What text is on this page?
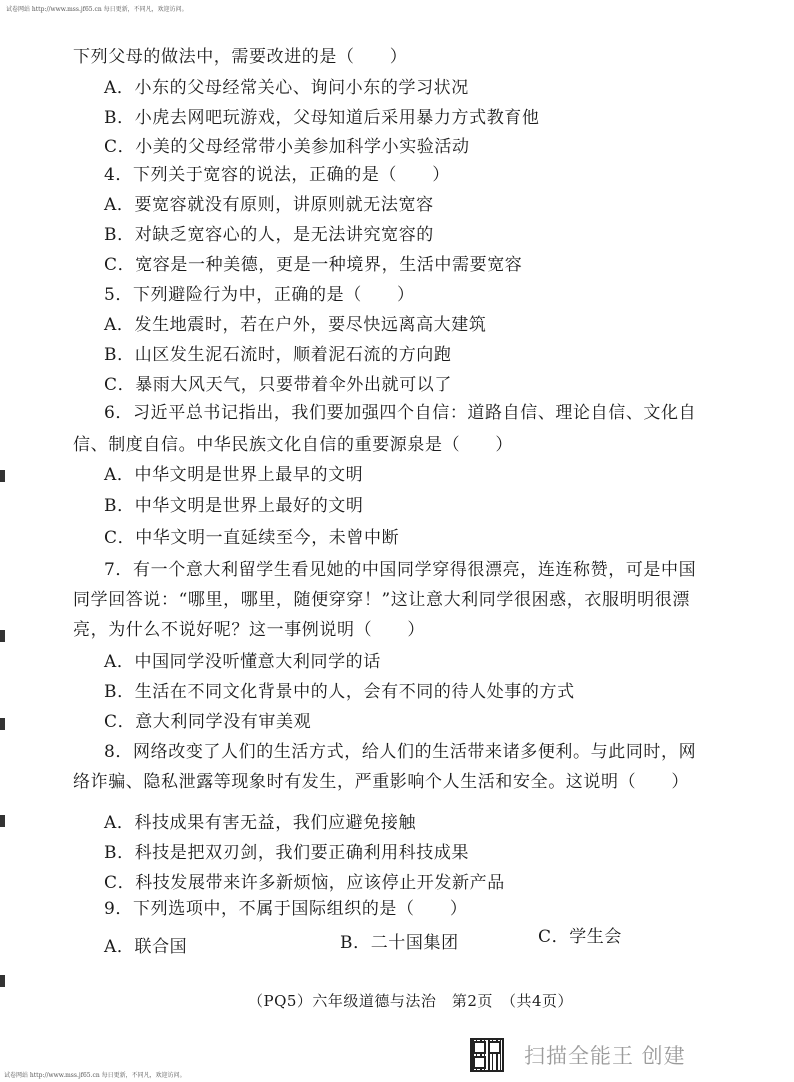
试卷网站 http://www.mss.jf65.cn 每日更新，不同凡，欢迎访问。
下列父母的做法中，需要改进的是（　　）
A．小东的父母经常关心、询问小东的学习状况
B．小虎去网吧玩游戏，父母知道后采用暴力方式教育他
C．小美的父母经常带小美参加科学小实验活动
4．下列关于宽容的说法，正确的是（　　）
A．要宽容就没有原则，讲原则就无法宽容
B．对缺乏宽容心的人，是无法讲究宽容的
C．宽容是一种美德，更是一种境界，生活中需要宽容
5．下列避险行为中，正确的是（　　）
A．发生地震时，若在户外，要尽快远离高大建筑
B．山区发生泥石流时，顺着泥石流的方向跑
C．暴雨大风天气，只要带着伞外出就可以了
6．习近平总书记指出，我们要加强四个自信：道路自信、理论自信、文化自
信、制度自信。中华民族文化自信的重要源泉是（　　）
A．中华文明是世界上最早的文明
B．中华文明是世界上最好的文明
C．中华文明一直延续至今，未曾中断
7．有一个意大利留学生看见她的中国同学穿得很漂亮，连连称赞，可是中国
同学回答说：“哪里，哪里，随便穿穿！”这让意大利同学很困惑，衣服明明很漂
亮，为什么不说好呢？这一事例说明（　　）
A．中国同学没听懂意大利同学的话
B．生活在不同文化背景中的人，会有不同的待人处事的方式
C．意大利同学没有审美观
8．网络改变了人们的生活方式，给人们的生活带来诸多便利。与此同时，网
络诈骗、隐私泄露等现象时有发生，严重影响个人生活和安全。这说明（　　）
A．科技成果有害无益，我们应避免接触
B．科技是把双刃剑，我们要正确利用科技成果
C．科技发展带来许多新烦恼，应该停止开发新产品
9．下列选项中，不属于国际组织的是（　　）
A．联合国	B．二十国集团	C．学生会
（PQ5）六年级道德与法治　第2页　（共4页）
扫描全能王 创建
试卷网站 http://www.mss.jf65.cn 每日更新，不同凡，欢迎访问。
